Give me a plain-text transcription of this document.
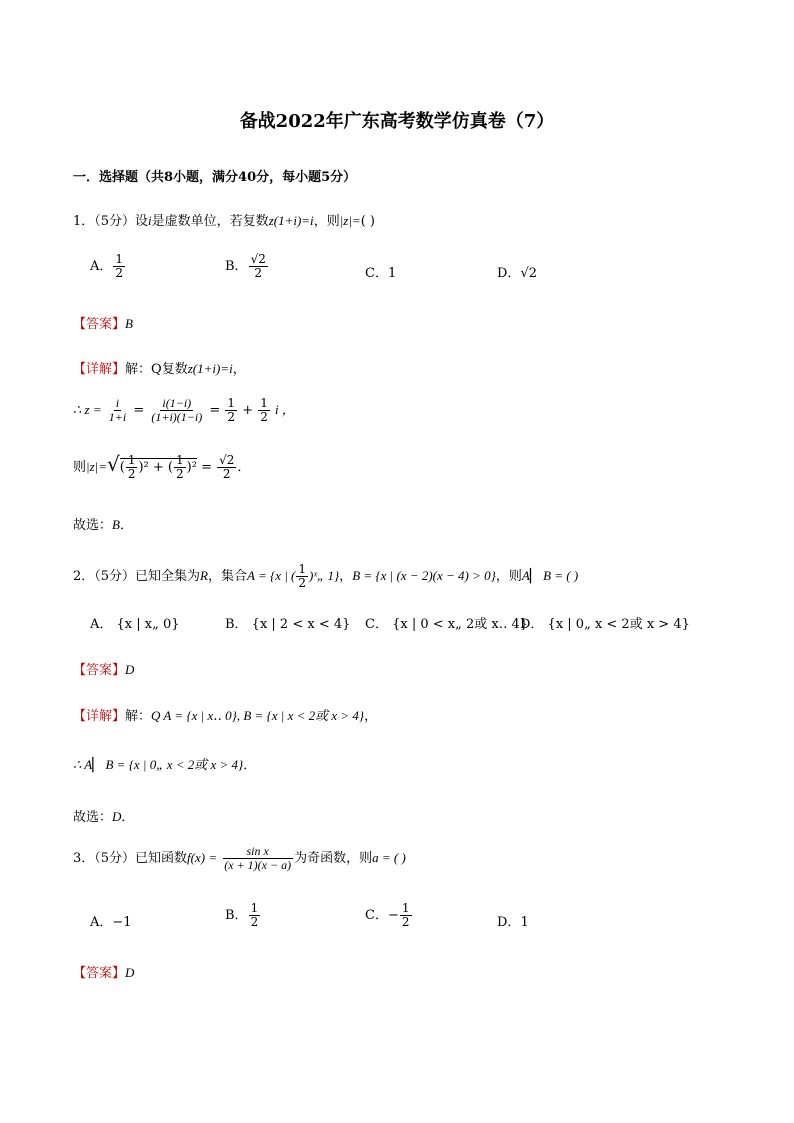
备战2022年广东高考数学仿真卷（7）
一．选择题（共8小题，满分40分，每小题5分）
1．（5分）设i是虚数单位，若复数z(1+i)=i，则|z|=( )
A． $\frac{1}{2}$	B． $\frac{√2}{2}$	C．1	D．√2
【答案】B
【详解】解：Q复数z(1+i)=i，
∴ $z = \frac{i}{1+i} = \frac{i(1-i)}{(1+i)(1-i)} = \frac{1}{2} + \frac{1}{2}$ i ，
则$|z|=√( \frac{1}{2} )^2$ + ( $\frac{1}{2} )^2 = \frac{√2}{2}$ ．
故选：B．
2．（5分）已知全集为R，集合A = {x | ( $\frac{1}{2}$ )ˣ„ 1}，B = {x | (x − 2)(x − 4) > 0}，则A▏ B = ( )
A． {x | x„ 0}	B． {x | 2 < x < 4} C． {x | 0 < x„ 2或 x‥ 4}
D． {x | 0„ x < 2或 x > 4}
【答案】D
【详解】解：Q A = {x | x‥ 0}, B = {x | x < 2或 x > 4}，
∴ A▏ B = {x | 0„ x < 2或 x > 4}．
故选：D．
3．（5分）已知函数$f(x) = \frac{\text{sin x}}{(x + 1)(x - a)}$ 为奇函数，则a = ( )
A．−1	B． $\frac{1}{2}$	C．− $\frac{1}{2}$	D．1
【答案】D
